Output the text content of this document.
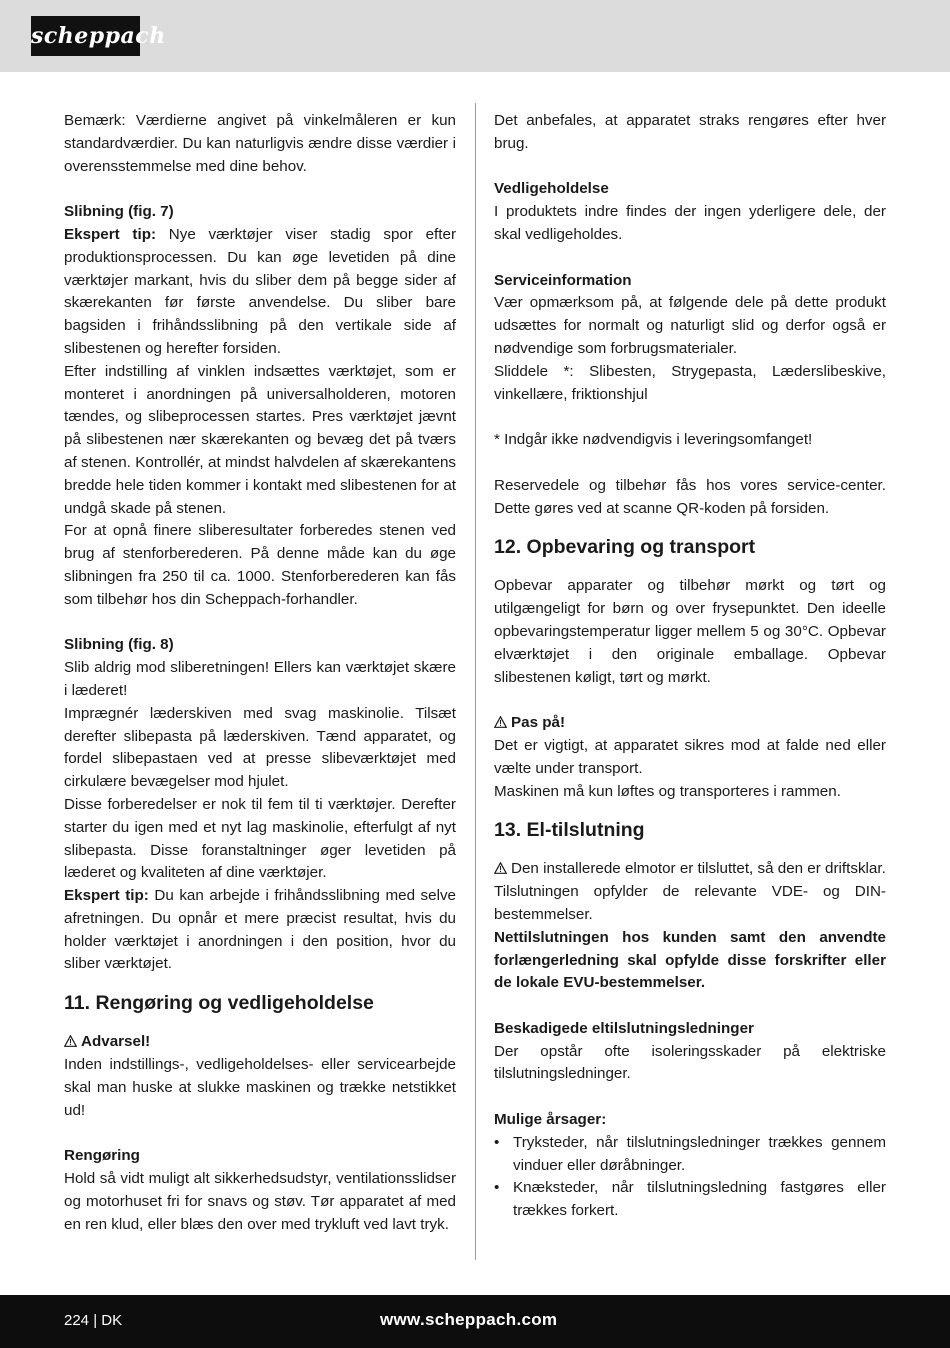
scheppach

Bemærk: Værdierne angivet på vinkelmåleren er kun standardværdier. Du kan naturligvis ændre disse værdier i overensstemmelse med dine behov.

Slibning (fig. 7)

Ekspert tip: Nye værktøjer viser stadig spor efter produktionsprocessen. Du kan øge levetiden på dine værktøjer markant, hvis du sliber dem på begge sider af skærekanten før første anvendelse. Du sliber bare bagsiden i frihåndsslibning på den vertikale side af slibestenen og herefter forsiden.

Efter indstilling af vinklen indsættes værktøjet, som er monteret i anordningen på universalholderen, motoren tændes, og slibeprocessen startes. Pres værktøjet jævnt på slibestenen nær skærekanten og bevæg det på tværs af stenen. Kontrollér, at mindst halvdelen af skærekantens bredde hele tiden kommer i kontakt med slibestenen for at undgå skade på stenen.

For at opnå finere sliberesultater forberedes stenen ved brug af stenforberederen. På denne måde kan du øge slibningen fra 250 til ca. 1000. Stenforberederen kan fås som tilbehør hos din Scheppach-forhandler.

Slibning (fig. 8)

Slib aldrig mod sliberetningen! Ellers kan værktøjet skære i læderet!

Imprægnér læderskiven med svag maskinolie. Tilsæt derefter slibepasta på læderskiven. Tænd apparatet, og fordel slibepastaen ved at presse slibeværktøjet med cirkulære bevægelser mod hjulet.

Disse forberedelser er nok til fem til ti værktøjer. Derefter starter du igen med et nyt lag maskinolie, efterfulgt af nyt slibepasta. Disse foranstaltninger øger levetiden på læderet og kvaliteten af dine værktøjer.

Ekspert tip: Du kan arbejde i frihåndsslibning med selve afretningen. Du opnår et mere præcist resultat, hvis du holder værktøjet i anordningen i den position, hvor du sliber værktøjet.

11. Rengøring og vedligeholdelse

Advarsel!

Inden indstillings-, vedligeholdelses- eller servicearbejde skal man huske at slukke maskinen og trække netstikket ud!

Rengøring

Hold så vidt muligt alt sikkerhedsudstyr, ventilationsslidser og motorhuset fri for snavs og støv. Tør apparatet af med en ren klud, eller blæs den over med trykluft ved lavt tryk.

Det anbefales, at apparatet straks rengøres efter hver brug.

Vedligeholdelse

I produktets indre findes der ingen yderligere dele, der skal vedligeholdes.

Serviceinformation

Vær opmærksom på, at følgende dele på dette produkt udsættes for normalt og naturligt slid og derfor også er nødvendige som forbrugsmaterialer.

Sliddele *: Slibesten, Strygepasta, Læderslibeskive, vinkellære, friktionshjul

* Indgår ikke nødvendigvis i leveringsomfanget!

Reservedele og tilbehør fås hos vores service-center. Dette gøres ved at scanne QR-koden på forsiden.

12. Opbevaring og transport

Opbevar apparater og tilbehør mørkt og tørt og utilgængeligt for børn og over frysepunktet. Den ideelle opbevaringstemperatur ligger mellem 5 og 30°C. Opbevar elværktøjet i den originale emballage. Opbevar slibestenen køligt, tørt og mørkt.

Pas på!

Det er vigtigt, at apparatet sikres mod at falde ned eller vælte under transport.

Maskinen må kun løftes og transporteres i rammen.

13. El-tilslutning

Den installerede elmotor er tilsluttet, så den er driftsklar.

Tilslutningen opfylder de relevante VDE- og DIN-bestemmelser.

Nettilslutningen hos kunden samt den anvendte forlængerledning skal opfylde disse forskrifter eller de lokale EVU-bestemmelser.

Beskadigede eltilslutningsledninger

Der opstår ofte isoleringsskader på elektriske tilslutningsledninger.

Mulige årsager:

• Tryksteder, når tilslutningsledninger trækkes gennem vinduer eller døråbninger.
• Knæksteder, når tilslutningsledning fastgøres eller trækkes forkert.
224 | DK	www.scheppach.com
